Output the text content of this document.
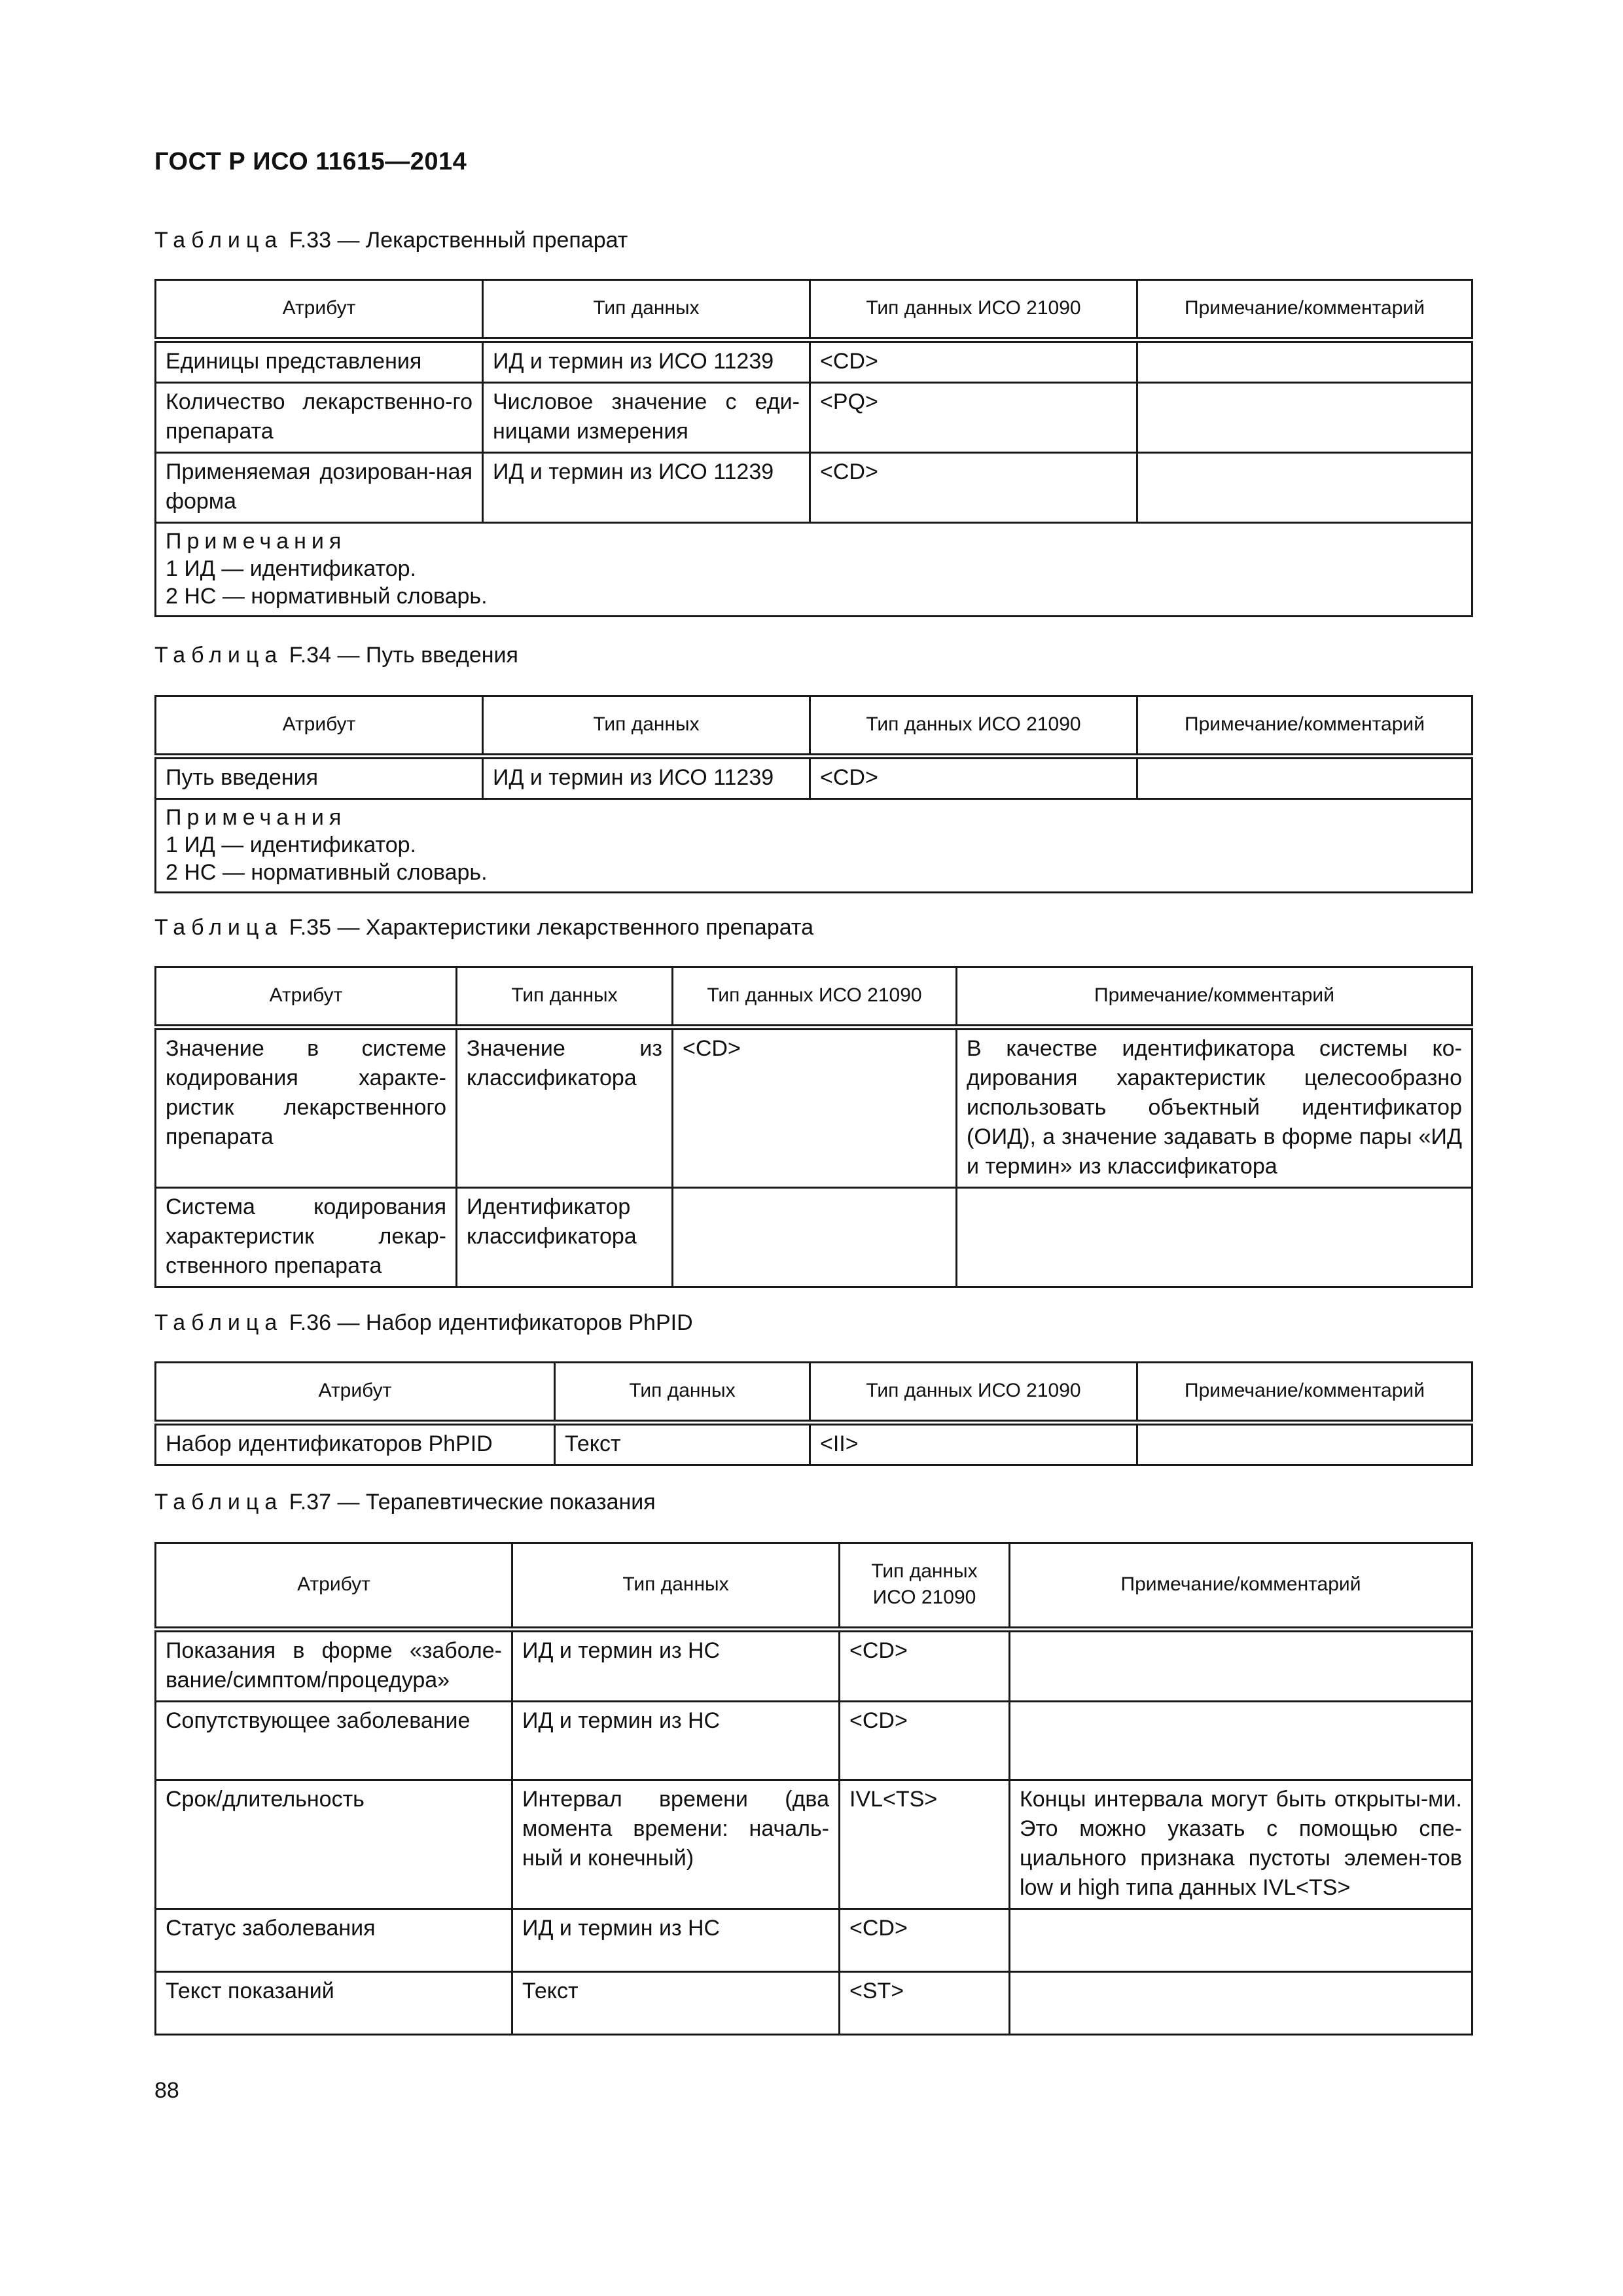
ГОСТ Р ИСО 11615—2014
Таблица F.33 — Лекарственный препарат
Атрибут	Тип данных	Тип данных ИСО 21090	Примечание/комментарий
Единицы представления	ИД и термин из ИСО 11239	<CD>	
Количество лекарственно-го препарата	Числовое значение с еди-ницами измерения	<PQ>	
Применяемая дозирован-ная форма	ИД и термин из ИСО 11239	<CD>	

Примечания
1 ИД — идентификатор.
2 НС — нормативный словарь.			
Таблица F.34 — Путь введения
Атрибут	Тип данных	Тип данных ИСО 21090	Примечание/комментарий
Путь введения	ИД и термин из ИСО 11239	<CD>	

Примечания
1 ИД — идентификатор.
2 НС — нормативный словарь.			
Таблица F.35 — Характеристики лекарственного препарата
Атрибут	Тип данных	Тип данных ИСО 21090	Примечание/комментарий
Значение в системе кодирования характе-ристик лекарственного препарата	Значение из классификатора	<CD>	В качестве идентификатора системы ко-дирования характеристик целесообразно использовать объектный идентификатор (ОИД), а значение задавать в форме пары «ИД и термин» из классификатора
Система кодирования характеристик лекар-ственного препарата	Идентификатор классификатора		
Таблица F.36 — Набор идентификаторов PhPID
Атрибут	Тип данных	Тип данных ИСО 21090	Примечание/комментарий
Набор идентификаторов PhPID	Текст	<II>	
Таблица F.37 — Терапевтические показания
Атрибут	Тип данных	Тип данных ИСО 21090	Примечание/комментарий
Показания в форме «заболе-вание/симптом/процедура»	ИД и термин из НС	<CD>	
Сопутствующее заболевание	ИД и термин из НС	<CD>	
Срок/длительность	Интервал времени (два момента времени: началь-ный и конечный)	IVL<TS>	Концы интервала могут быть открыты-ми. Это можно указать с помощью спе-циального признака пустоты элемен-тов low и high типа данных IVL<TS>
Статус заболевания	ИД и термин из НС	<CD>	
Текст показаний	Текст	<ST>	
88
